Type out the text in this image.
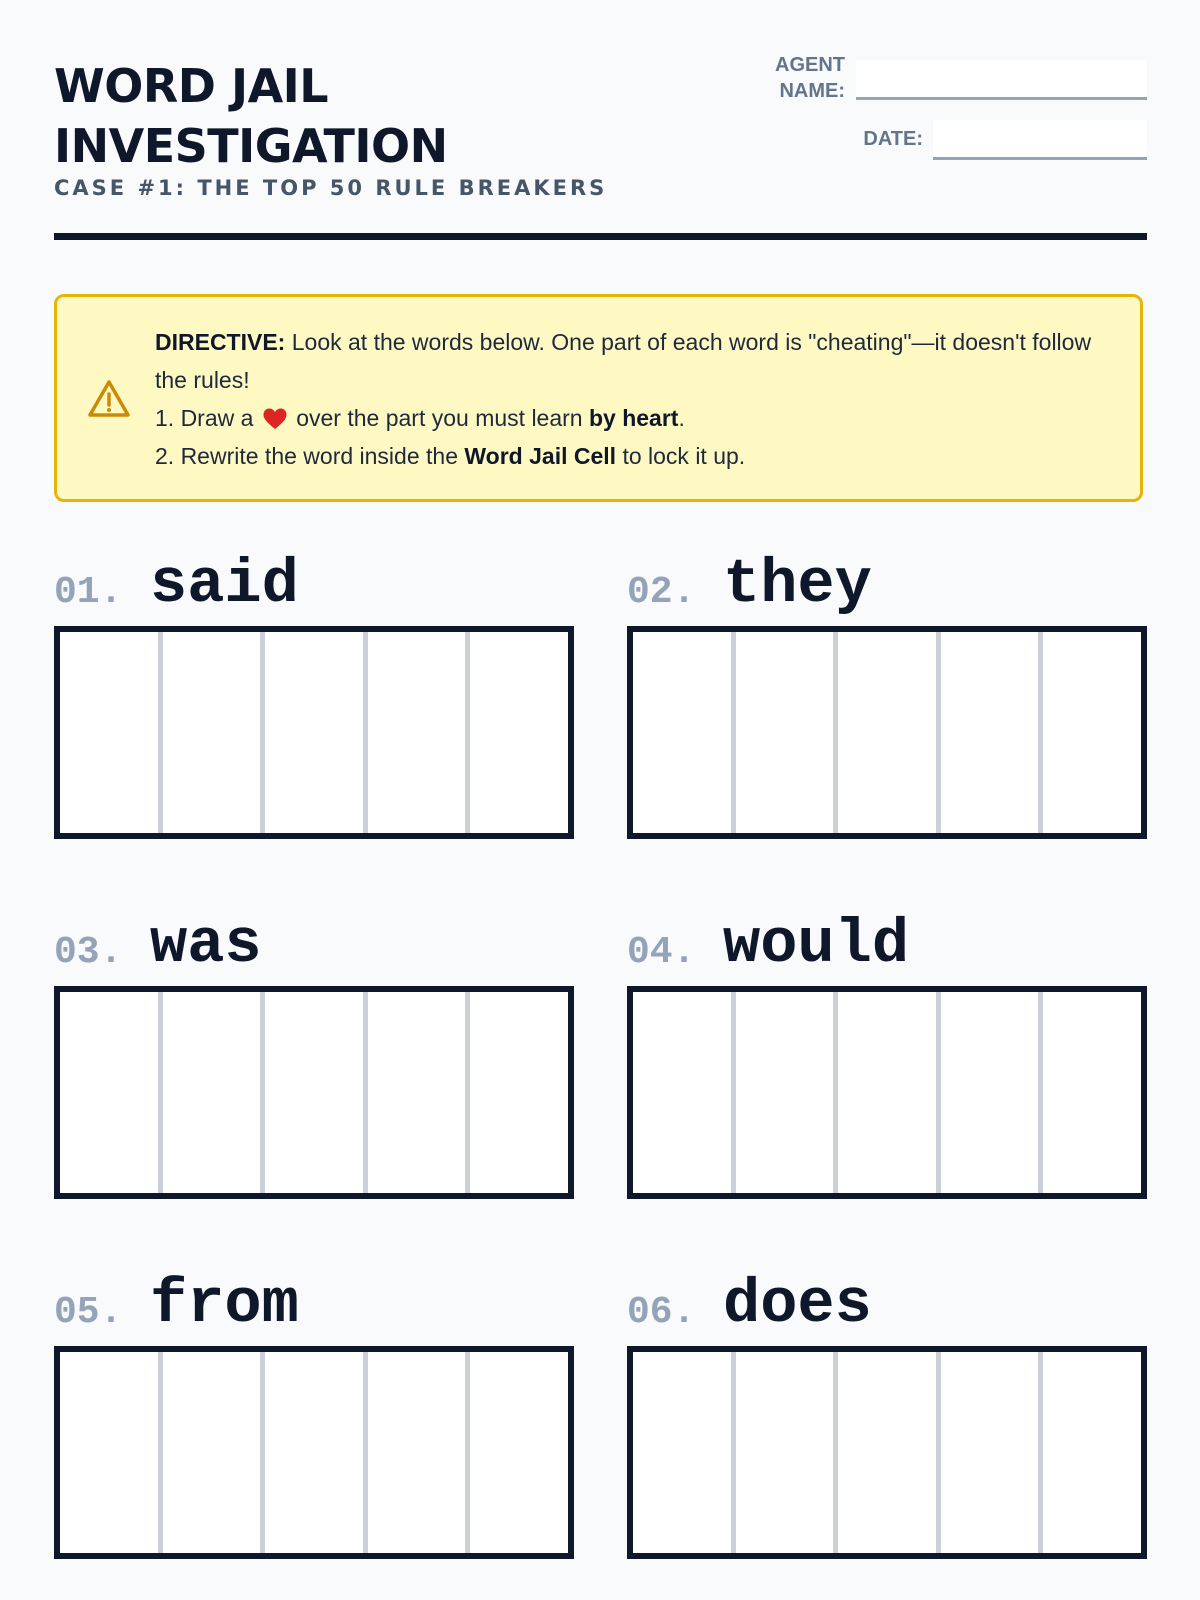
WORD JAIL INVESTIGATION
CASE #1: THE TOP 50 RULE BREAKERS
AGENT NAME:
DATE:
DIRECTIVE: Look at the words below. One part of each word is "cheating"—it doesn't follow the rules!
1. Draw a over the part you must learn by heart.
2. Rewrite the word inside the Word Jail Cell to lock it up.
01. said	02. they
03. was	04. would
05. from	06. does
